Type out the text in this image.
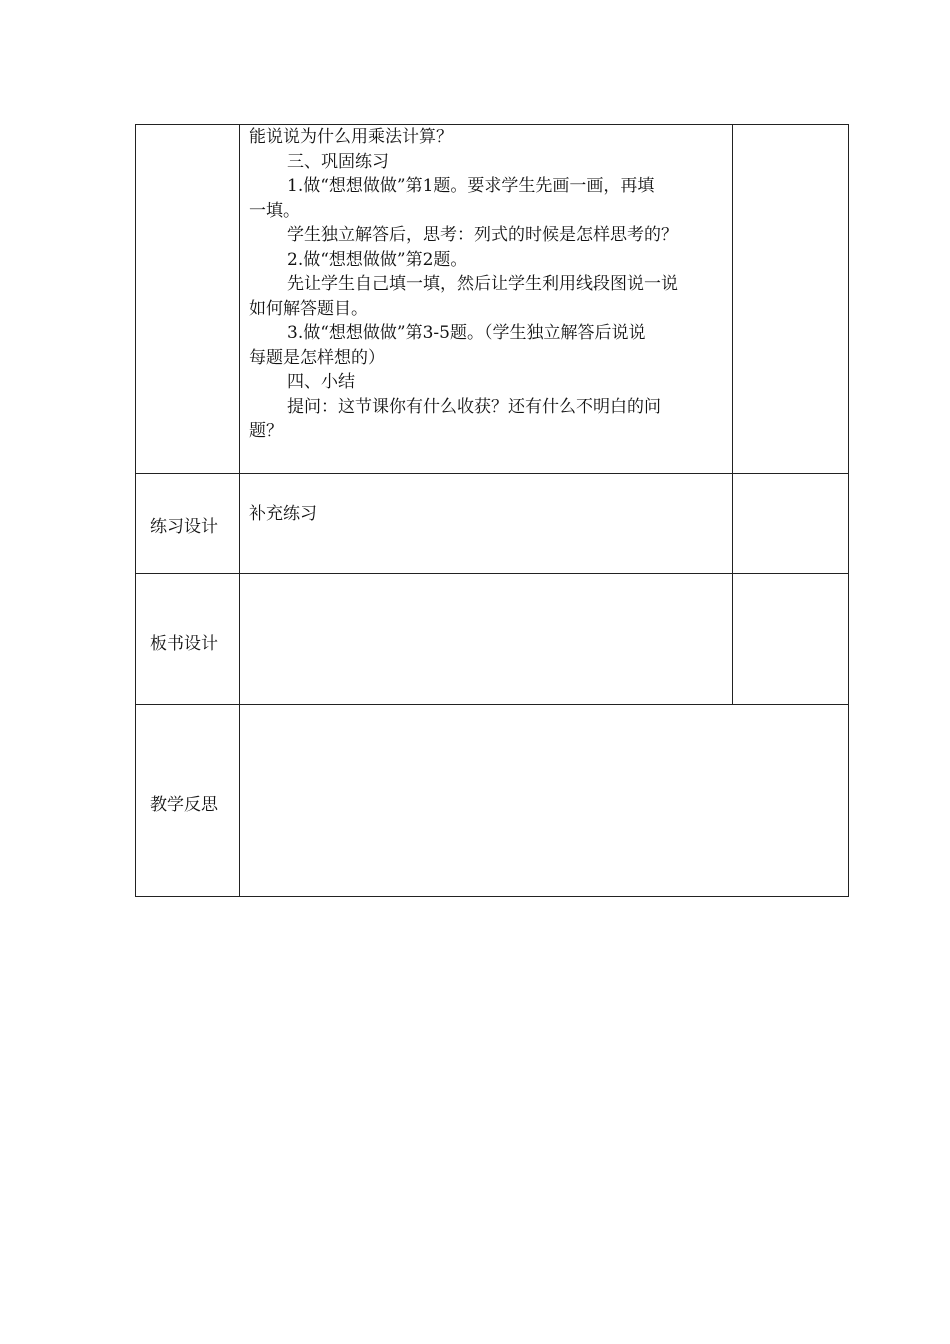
能说说为什么用乘法计算？
三、巩固练习
1.做“想想做做”第1题。要求学生先画一画，再填
一填。
学生独立解答后，思考：列式的时候是怎样思考的？
2.做“想想做做”第2题。
先让学生自己填一填，然后让学生利用线段图说一说
如何解答题目。
3.做“想想做做”第3-5题。（学生独立解答后说说
每题是怎样想的）
四、小结
提问：这节课你有什么收获？还有什么不明白的问
题？
练习设计
补充练习
板书设计
教学反思
